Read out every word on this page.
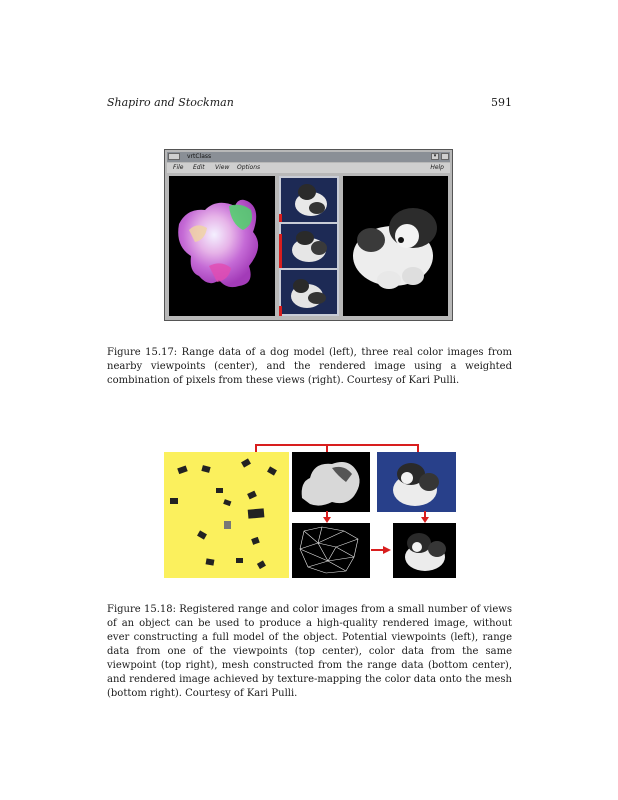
Shapiro and Stockman	591
vrtClass	▾
File Edit View Options	Help
Figure 15.17: Range data of a dog model (left), three real color images from nearby viewpoints (center), and the rendered image using a weighted combination of pixels from these views (right). Courtesy of Kari Pulli.
Figure 15.18: Registered range and color images from a small number of views of an object can be used to produce a high-quality rendered image, without ever constructing a full model of the object. Potential viewpoints (left), range data from one of the viewpoints (top center), color data from the same viewpoint (top right), mesh constructed from the range data (bottom center), and rendered image achieved by texture-mapping the color data onto the mesh (bottom right). Courtesy of Kari Pulli.
